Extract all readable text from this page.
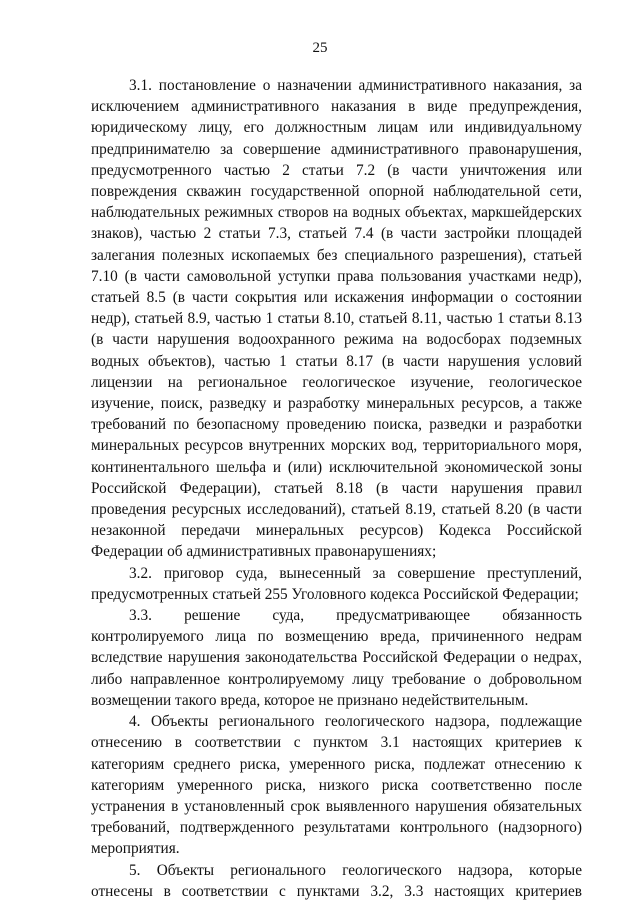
25

3.1. постановление о назначении административного наказания, за исключением административного наказания в виде предупреждения, юридическому лицу, его должностным лицам или индивидуальному предпринимателю за совершение административного правонарушения, предусмотренного частью 2 статьи 7.2 (в части уничтожения или повреждения скважин государственной опорной наблюдательной сети, наблюдательных режимных створов на водных объектах, маркшейдерских знаков), частью 2 статьи 7.3, статьей 7.4 (в части застройки площадей залегания полезных ископаемых без специального разрешения), статьей 7.10 (в части самовольной уступки права пользования участками недр), статьей 8.5 (в части сокрытия или искажения информации о состоянии недр), статьей 8.9, частью 1 статьи 8.10, статьей 8.11, частью 1 статьи 8.13 (в части нарушения водоохранного режима на водосборах подземных водных объектов), частью 1 статьи 8.17 (в части нарушения условий лицензии на региональное геологическое изучение, геологическое изучение, поиск, разведку и разработку минеральных ресурсов, а также требований по безопасному проведению поиска, разведки и разработки минеральных ресурсов внутренних морских вод, территориального моря, континентального шельфа и (или) исключительной экономической зоны Российской Федерации), статьей 8.18 (в части нарушения правил проведения ресурсных исследований), статьей 8.19, статьей 8.20 (в части незаконной передачи минеральных ресурсов) Кодекса Российской Федерации об административных правонарушениях;

3.2. приговор суда, вынесенный за совершение преступлений, предусмотренных статьей 255 Уголовного кодекса Российской Федерации;

3.3. решение суда, предусматривающее обязанность контролируемого лица по возмещению вреда, причиненного недрам вследствие нарушения законодательства Российской Федерации о недрах, либо направленное контролируемому лицу требование о добровольном возмещении такого вреда, которое не признано недействительным.

4. Объекты регионального геологического надзора, подлежащие отнесению в соответствии с пунктом 3.1 настоящих критериев к категориям среднего риска, умеренного риска, подлежат отнесению к категориям умеренного риска, низкого риска соответственно после устранения в установленный срок выявленного нарушения обязательных требований, подтвержденного результатами контрольного (надзорного) мероприятия.

5. Объекты регионального геологического надзора, которые отнесены в соответствии с пунктами 3.2, 3.3 настоящих критериев
